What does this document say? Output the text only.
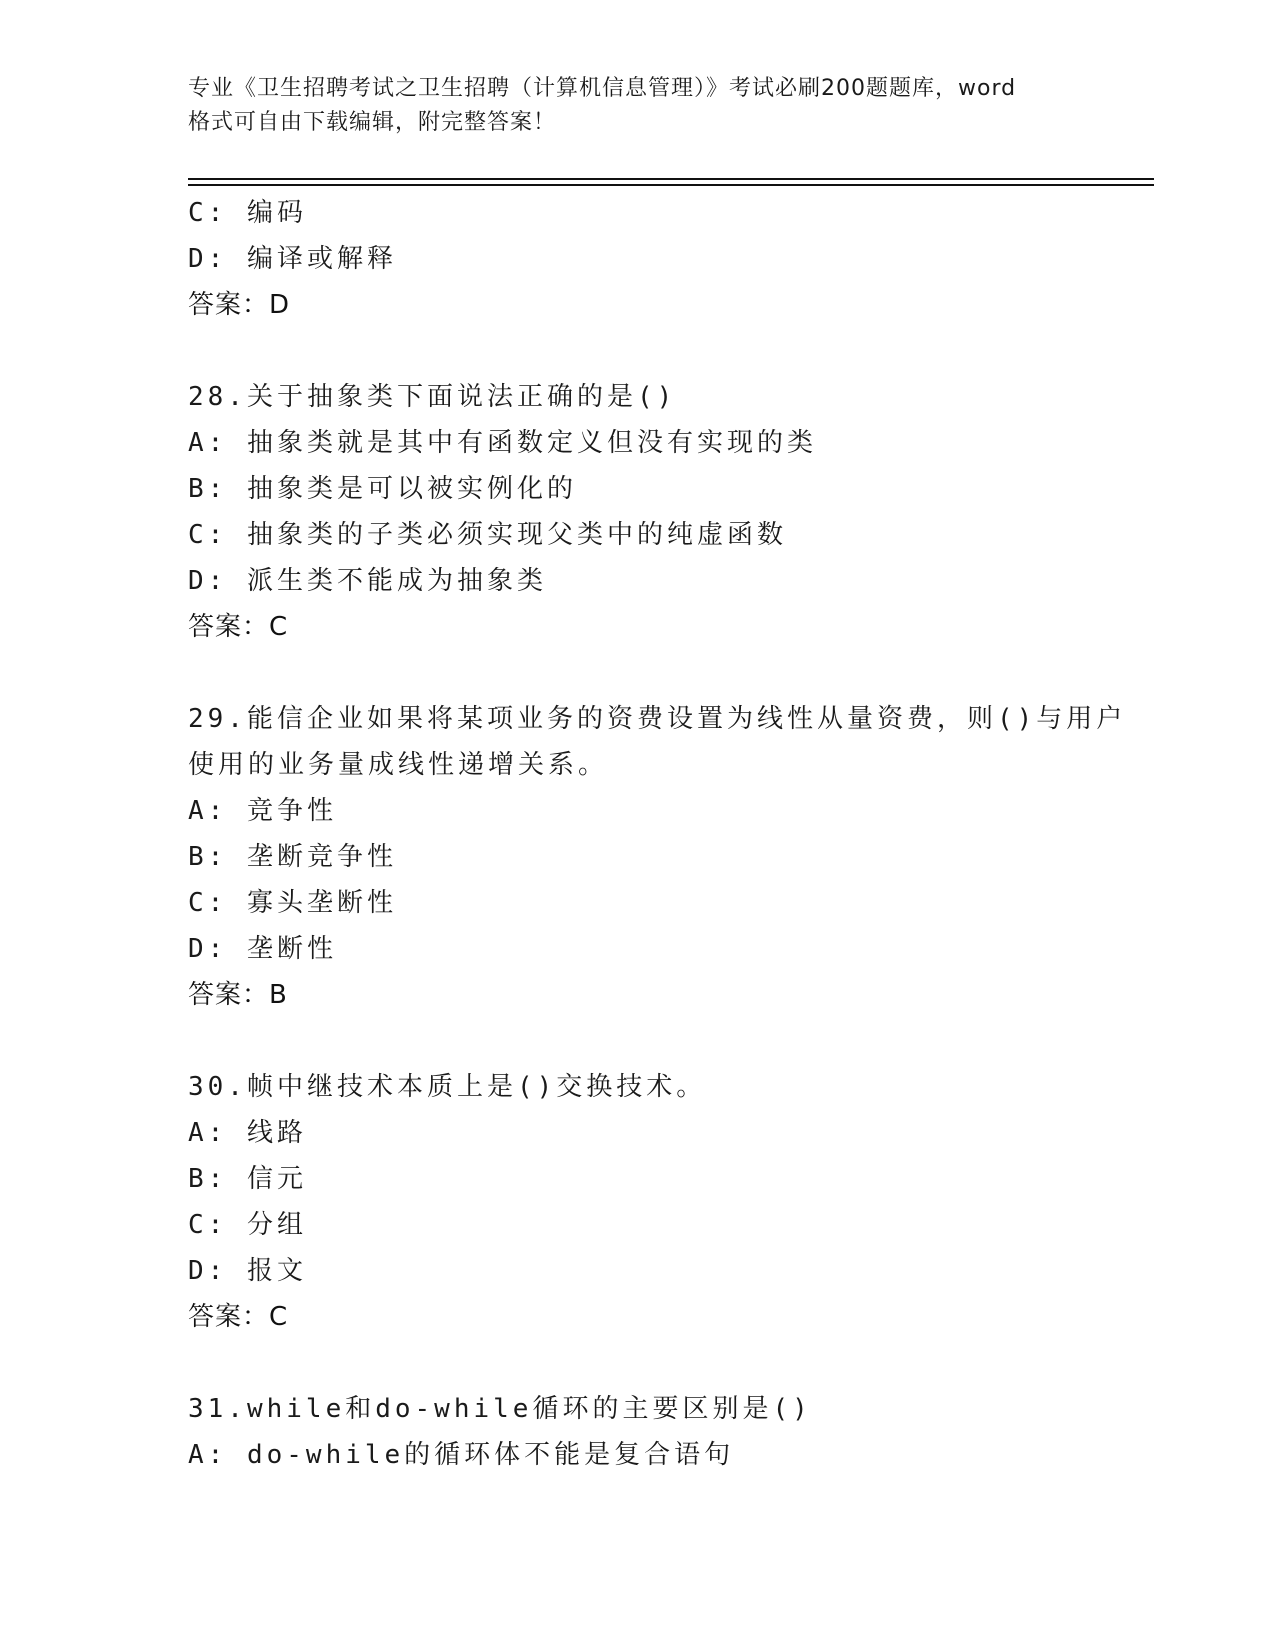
专业《卫生招聘考试之卫生招聘（计算机信息管理）》考试必刷200题题库，word
格式可自由下载编辑，附完整答案！
C: 编码
D: 编译或解释
答案：D
28.关于抽象类下面说法正确的是()
A: 抽象类就是其中有函数定义但没有实现的类
B: 抽象类是可以被实例化的
C: 抽象类的子类必须实现父类中的纯虚函数
D: 派生类不能成为抽象类
答案：C
29.能信企业如果将某项业务的资费设置为线性从量资费，则()与用户
使用的业务量成线性递增关系。
A: 竞争性
B: 垄断竞争性
C: 寡头垄断性
D: 垄断性
答案：B
30.帧中继技术本质上是()交换技术。
A: 线路
B: 信元
C: 分组
D: 报文
答案：C
31.while和do-while循环的主要区别是()
A: do-while的循环体不能是复合语句
